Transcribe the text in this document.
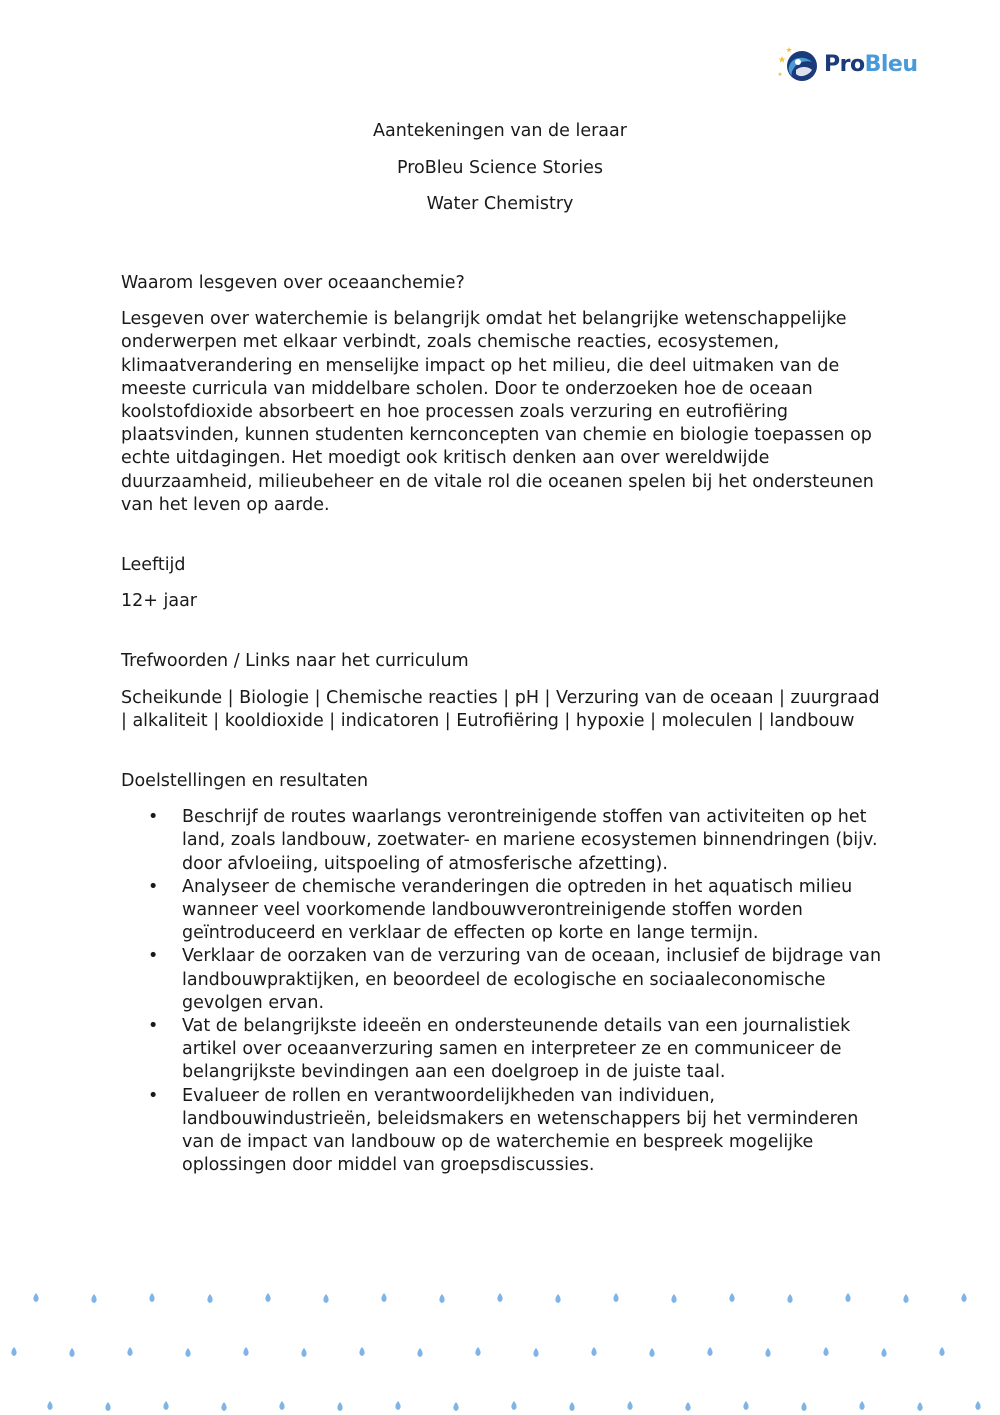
ProBleu
Aantekeningen van de leraar
ProBleu Science Stories
Water Chemistry
Waarom lesgeven over oceaanchemie?

Lesgeven over waterchemie is belangrijk omdat het belangrijke wetenschappelijke onderwerpen met elkaar verbindt, zoals chemische reacties, ecosystemen, klimaatverandering en menselijke impact op het milieu, die deel uitmaken van de meeste curricula van middelbare scholen. Door te onderzoeken hoe de oceaan koolstofdioxide absorbeert en hoe processen zoals verzuring en eutrofiëring plaatsvinden, kunnen studenten kernconcepten van chemie en biologie toepassen op echte uitdagingen. Het moedigt ook kritisch denken aan over wereldwijde duurzaamheid, milieubeheer en de vitale rol die oceanen spelen bij het ondersteunen van het leven op aarde.

Leeftijd

12+ jaar

Trefwoorden / Links naar het curriculum

Scheikunde | Biologie | Chemische reacties | pH | Verzuring van de oceaan | zuurgraad | alkaliteit | kooldioxide | indicatoren | Eutrofiëring | hypoxie | moleculen | landbouw

Doelstellingen en resultaten
• Beschrijf de routes waarlangs verontreinigende stoffen van activiteiten op het land, zoals landbouw, zoetwater- en mariene ecosystemen binnendringen (bijv. door afvloeiing, uitspoeling of atmosferische afzetting).
• Analyseer de chemische veranderingen die optreden in het aquatisch milieu wanneer veel voorkomende landbouwverontreinigende stoffen worden geïntroduceerd en verklaar de effecten op korte en lange termijn.
• Verklaar de oorzaken van de verzuring van de oceaan, inclusief de bijdrage van landbouwpraktijken, en beoordeel de ecologische en sociaaleconomische gevolgen ervan.
• Vat de belangrijkste ideeën en ondersteunende details van een journalistiek artikel over oceaanverzuring samen en interpreteer ze en communiceer de belangrijkste bevindingen aan een doelgroep in de juiste taal.
• Evalueer de rollen en verantwoordelijkheden van individuen, landbouwindustrieën, beleidsmakers en wetenschappers bij het verminderen van de impact van landbouw op de waterchemie en bespreek mogelijke oplossingen door middel van groepsdiscussies.
